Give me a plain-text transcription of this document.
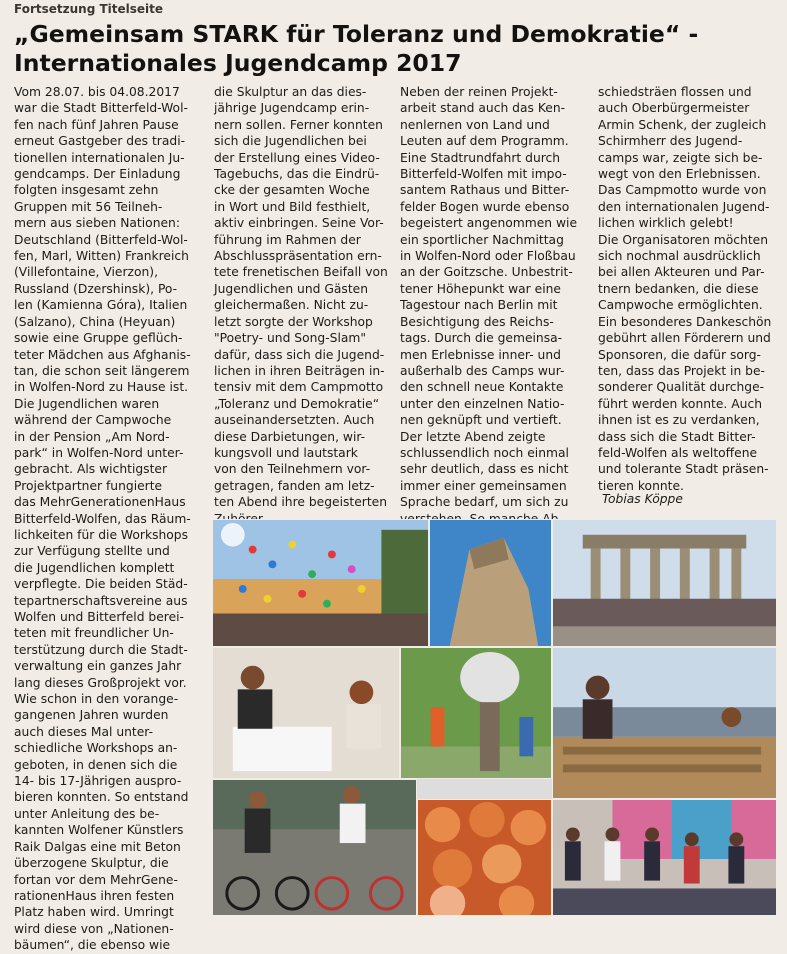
Fortsetzung Titelseite
„Gemeinsam STARK für Toleranz und Demokratie“ -
Internationales Jugendcamp 2017
Vom 28.07. bis 04.08.2017
war die Stadt Bitterfeld-Wol-
fen nach fünf Jahren Pause
erneut Gastgeber des tradi-
tionellen internationalen Ju-
gendcamps. Der Einladung
folgten insgesamt zehn
Gruppen mit 56 Teilneh-
mern aus sieben Nationen:
Deutschland (Bitterfeld-Wol-
fen, Marl, Witten) Frankreich
(Villefontaine, Vierzon),
Russland (Dzershinsk), Po-
len (Kamienna Góra), Italien
(Salzano), China (Heyuan)
sowie eine Gruppe geflüch-
teter Mädchen aus Afghanis-
tan, die schon seit längerem
in Wolfen-Nord zu Hause ist.
Die Jugendlichen waren
während der Campwoche
in der Pension „Am Nord-
park“ in Wolfen-Nord unter-
gebracht. Als wichtigster
Projektpartner fungierte
das MehrGenerationenHaus
Bitterfeld-Wolfen, das Räum-
lichkeiten für die Workshops
zur Verfügung stellte und
die Jugendlichen komplett
verpflegte. Die beiden Städ-
tepartnerschaftsvereine aus
Wolfen und Bitterfeld berei-
teten mit freundlicher Un-
terstützung durch die Stadt-
verwaltung ein ganzes Jahr
lang dieses Großprojekt vor.
Wie schon in den vorange-
gangenen Jahren wurden
auch dieses Mal unter-
schiedliche Workshops an-
geboten, in denen sich die
14- bis 17-Jährigen auspro-
bieren konnten. So entstand
unter Anleitung des be-
kannten Wolfener Künstlers
Raik Dalgas eine mit Beton
überzogene Skulptur, die
fortan vor dem MehrGene-
rationenHaus ihren festen
Platz haben wird. Umringt
wird diese von „Nationen-
bäumen“, die ebenso wie
die Skulptur an das dies-
jährige Jugendcamp erin-
nern sollen. Ferner konnten
sich die Jugendlichen bei
der Erstellung eines Video-
Tagebuchs, das die Eindrü-
cke der gesamten Woche
in Wort und Bild festhielt,
aktiv einbringen. Seine Vor-
führung im Rahmen der
Abschlusspräsentation ern-
tete frenetischen Beifall von
Jugendlichen und Gästen
gleichermaßen. Nicht zu-
letzt sorgte der Workshop
"Poetry- und Song-Slam"
dafür, dass sich die Jugend-
lichen in ihren Beiträgen in-
tensiv mit dem Campmotto
„Toleranz und Demokratie“
auseinandersetzten. Auch
diese Darbietungen, wir-
kungsvoll und lautstark
von den Teilnehmern vor-
getragen, fanden am letz-
ten Abend ihre begeisterten

Neben der reinen Projekt-
arbeit stand auch das Ken-
nenlernen von Land und
Leuten auf dem Programm.
Eine Stadtrundfahrt durch
Bitterfeld-Wolfen mit impo-
santem Rathaus und Bitter-
felder Bogen wurde ebenso
begeistert angenommen wie
ein sportlicher Nachmittag
in Wolfen-Nord oder Floßbau
an der Goitzsche. Unbestrit-
tener Höhepunkt war eine
Tagestour nach Berlin mit
Besichtigung des Reichs-
tags. Durch die gemeinsa-
men Erlebnisse inner- und
außerhalb des Camps wur-
den schnell neue Kontakte
unter den einzelnen Natio-
nen geknüpft und vertieft.
Der letzte Abend zeigte
schlussendlich noch einmal
sehr deutlich, dass es nicht
immer einer gemeinsamen
Sprache bedarf, um sich zu

schiedsträen flossen und
auch Oberbürgermeister
Armin Schenk, der zugleich
Schirmherr des Jugend-
camps war, zeigte sich be-
wegt von den Erlebnissen.
Das Campmotto wurde von
den internationalen Jugend-
lichen wirklich gelebt!
Die Organisatoren möchten
sich nochmal ausdrücklich
bei allen Akteuren und Par-
tnern bedanken, die diese
Campwoche ermöglichten.
Ein besonderes Dankeschön
gebührt allen Förderern und
Sponsoren, die dafür sorg-
ten, dass das Projekt in be-
sonderer Qualität durchge-
führt werden konnte. Auch
ihnen ist es zu verdanken,
dass sich die Stadt Bitter-
feld-Wolfen als weltoffene
und tolerante Stadt präsen-
tieren konnte.
Tobias Köppe
